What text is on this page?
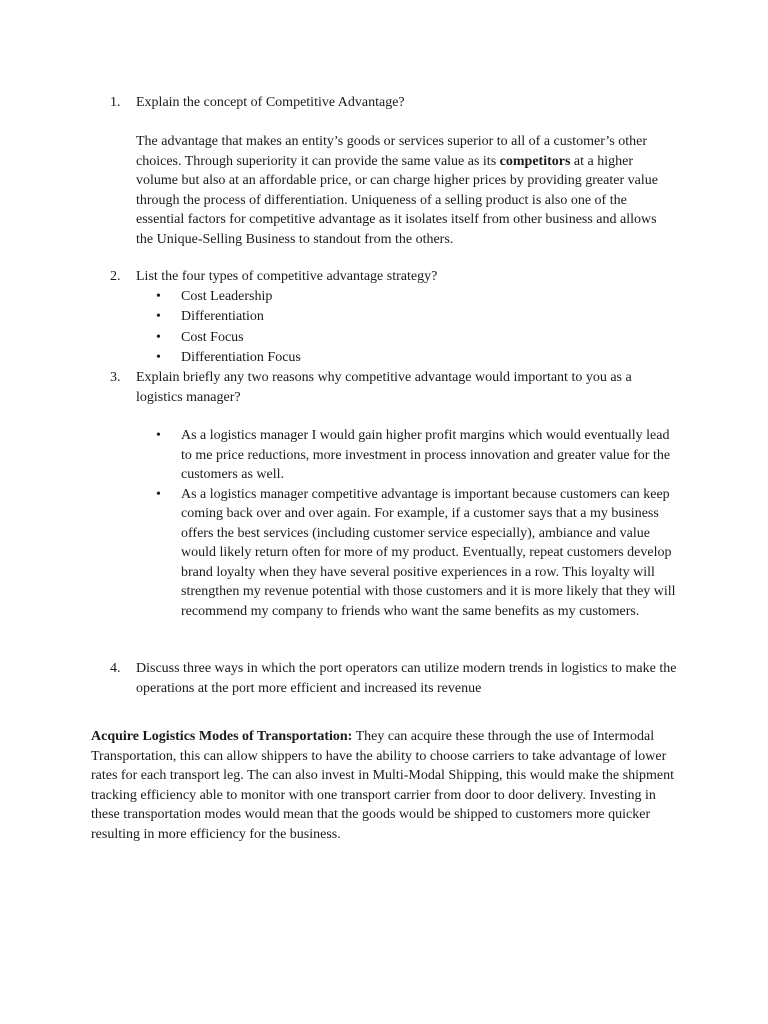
1. Explain the concept of Competitive Advantage?
The advantage that makes an entity’s goods or services superior to all of a customer’s other choices. Through superiority it can provide the same value as its competitors at a higher volume but also at an affordable price, or can charge higher prices by providing greater value through the process of differentiation. Uniqueness of a selling product is also one of the essential factors for competitive advantage as it isolates itself from other business and allows the Unique-Selling Business to standout from the others.
2. List the four types of competitive advantage strategy?
• Cost Leadership
• Differentiation
• Cost Focus
• Differentiation Focus
3. Explain briefly any two reasons why competitive advantage would important to you as a logistics manager?
• As a logistics manager I would gain higher profit margins which would eventually lead to me price reductions, more investment in process innovation and greater value for the customers as well.
• As a logistics manager competitive advantage is important because customers can keep coming back over and over again. For example, if a customer says that a my business offers the best services (including customer service especially), ambiance and value would likely return often for more of my product. Eventually, repeat customers develop brand loyalty when they have several positive experiences in a row. This loyalty will strengthen my revenue potential with those customers and it is more likely that they will recommend my company to friends who want the same benefits as my customers.
4. Discuss three ways in which the port operators can utilize modern trends in logistics to make the operations at the port more efficient and increased its revenue
Acquire Logistics Modes of Transportation: They can acquire these through the use of Intermodal Transportation, this can allow shippers to have the ability to choose carriers to take advantage of lower rates for each transport leg. The can also invest in Multi-Modal Shipping, this would make the shipment tracking efficiency able to monitor with one transport carrier from door to door delivery. Investing in these transportation modes would mean that the goods would be shipped to customers more quicker resulting in more efficiency for the business.
